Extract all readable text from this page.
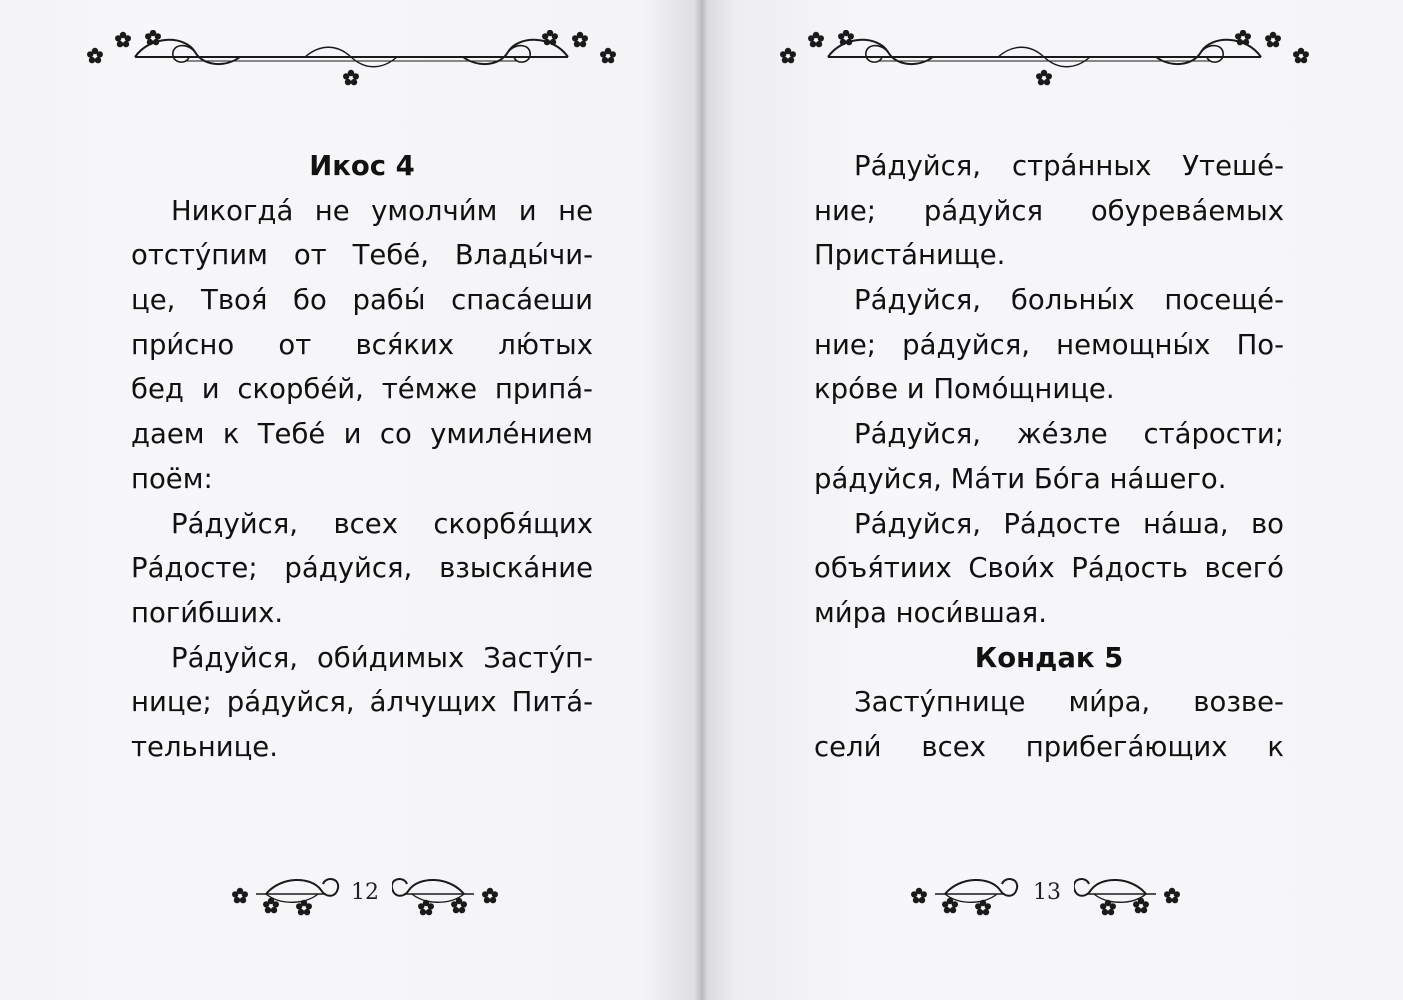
Икос 4
Никогда́ не умолчи́м и не
отсту́пим от Тебе́, Влады́чи-
це, Твоя́ бо рабы́ спаса́еши
при́сно от вся́ких лю́тых
бед и скорбе́й, те́мже припа́-
даем к Тебе́ и со умиле́нием
поём:
Ра́дуйся, всех скорбя́щих
Ра́досте; ра́дуйся, взыска́ние
поги́бших.
Ра́дуйся, оби́димых Засту́п-
нице; ра́дуйся, а́лчущих Пита́-
тельнице.
12
Ра́дуйся, стра́нных Утеше́-
ние; ра́дуйся обурева́емых
Приста́нище.
Ра́дуйся, больны́х посеще́-
ние; ра́дуйся, немощны́х По-
кро́ве и Помо́щнице.
Ра́дуйся, же́зле ста́рости;
ра́дуйся, Ма́ти Бо́га на́шего.
Ра́дуйся, Ра́досте на́ша, во
объя́тиих Свои́х Ра́дость всего́
ми́ра носи́вшая.
Кондак 5
Засту́пнице ми́ра, возве-
сели́ всех прибега́ющих к
13
